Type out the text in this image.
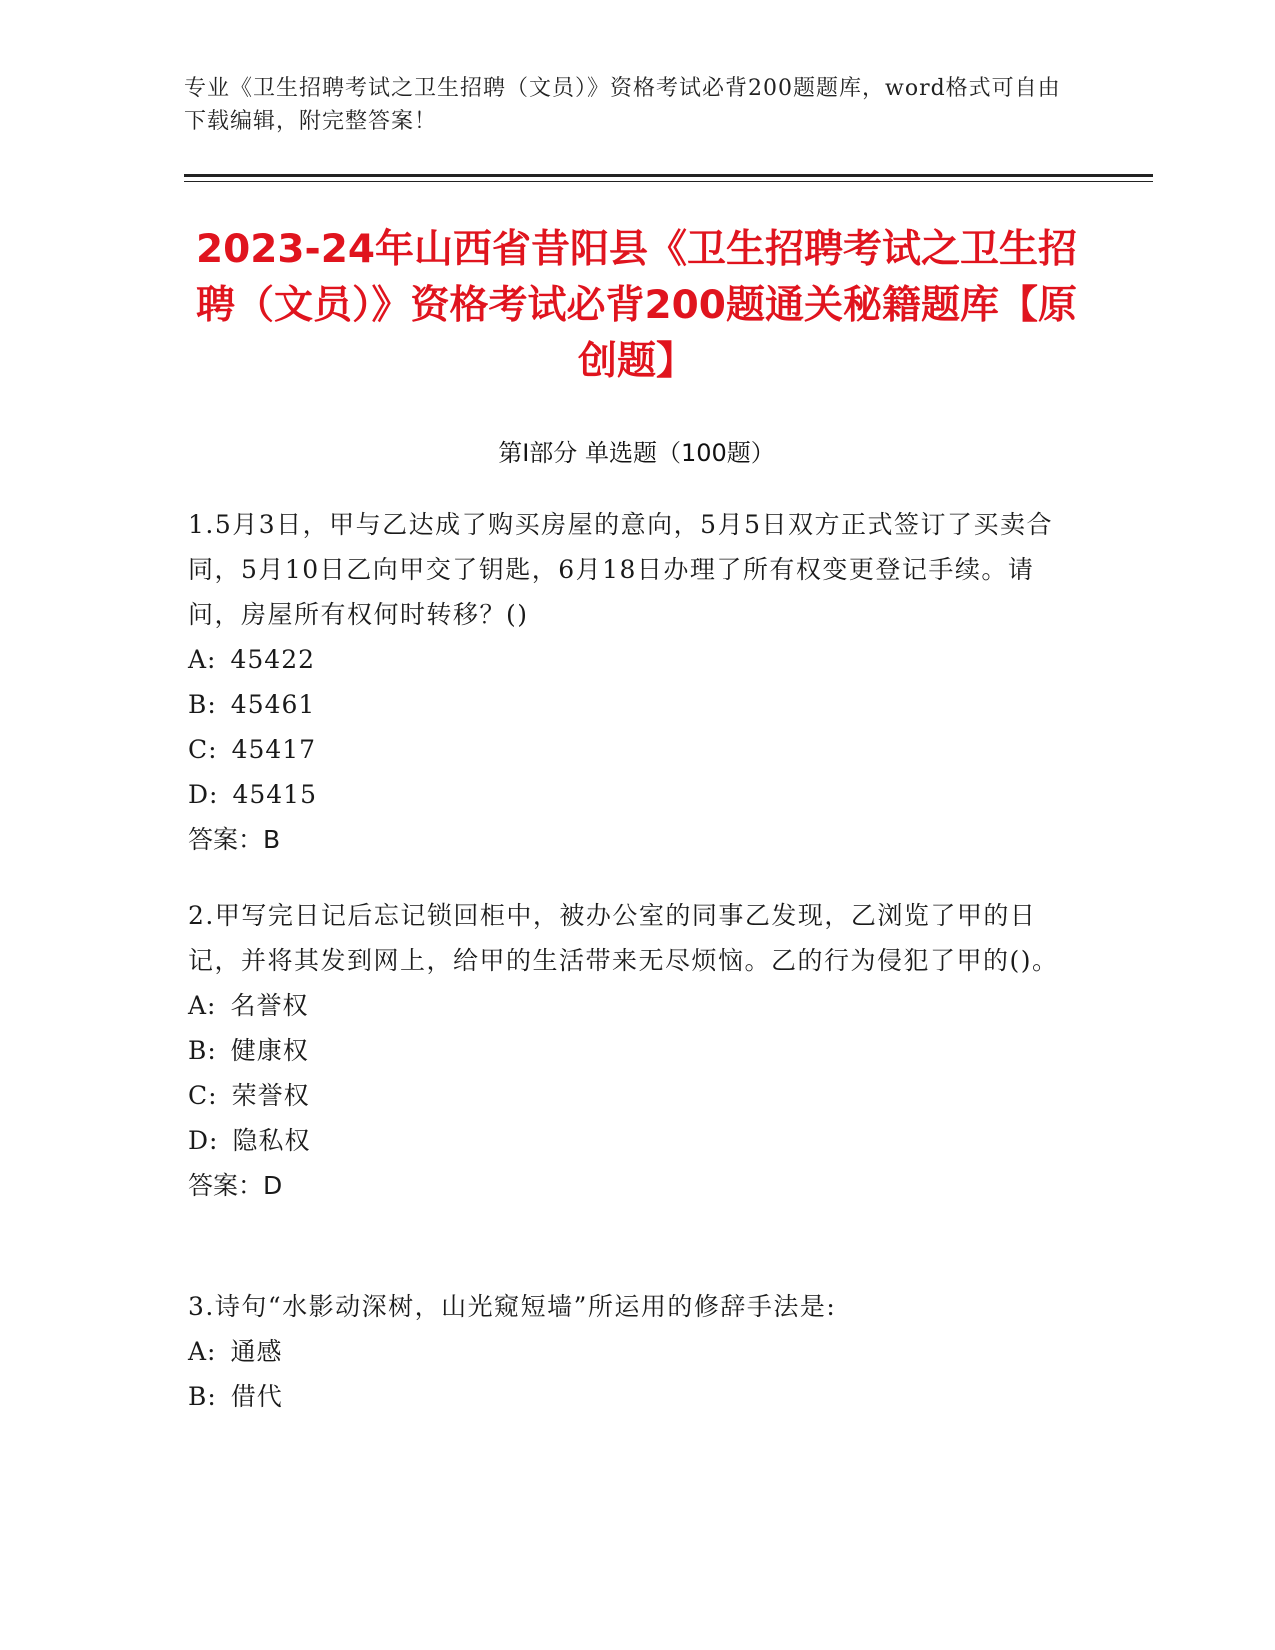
专业《卫生招聘考试之卫生招聘（文员）》资格考试必背200题题库，word格式可自由下载编辑，附完整答案！
2023-24年山西省昔阳县《卫生招聘考试之卫生招聘（文员）》资格考试必背200题通关秘籍题库【原创题】
第I部分 单选题（100题）

1.5月3日，甲与乙达成了购买房屋的意向，5月5日双方正式签订了买卖合同，5月10日乙向甲交了钥匙，6月18日办理了所有权变更登记手续。请问，房屋所有权何时转移？()

A: 45422

B: 45461

C: 45417

D: 45415

答案：B

2.甲写完日记后忘记锁回柜中，被办公室的同事乙发现，乙浏览了甲的日记，并将其发到网上，给甲的生活带来无尽烦恼。乙的行为侵犯了甲的()。

A: 名誉权

B: 健康权

C: 荣誉权

D: 隐私权

答案：D

3.诗句“水影动深树，山光窥短墙”所运用的修辞手法是:

A: 通感

B: 借代
